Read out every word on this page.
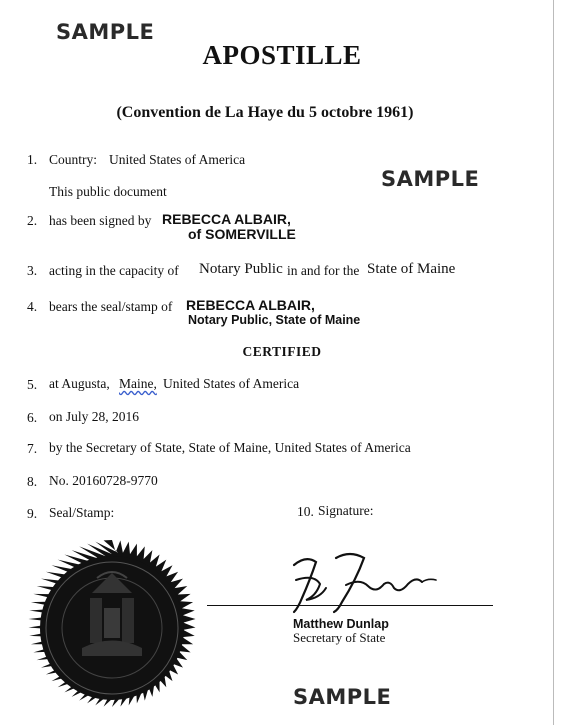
SAMPLE
SAMPLE
SAMPLE
APOSTILLE
(Convention de La Haye du 5 octobre 1961)
1. Country: United States of America
This public document
2. has been signed by REBECCA ALBAIR,
of SOMERVILLE
3. acting in the capacity of Notary Public in and for the State of Maine
4. bears the seal/stamp of REBECCA ALBAIR,
Notary Public, State of Maine
CERTIFIED
5. at Augusta, Maine, United States of America
6. on July 28, 2016
7. by the Secretary of State, State of Maine, United States of America
8. No. 20160728-9770
9. Seal/Stamp:	10. Signature:
Matthew Dunlap
Secretary of State
